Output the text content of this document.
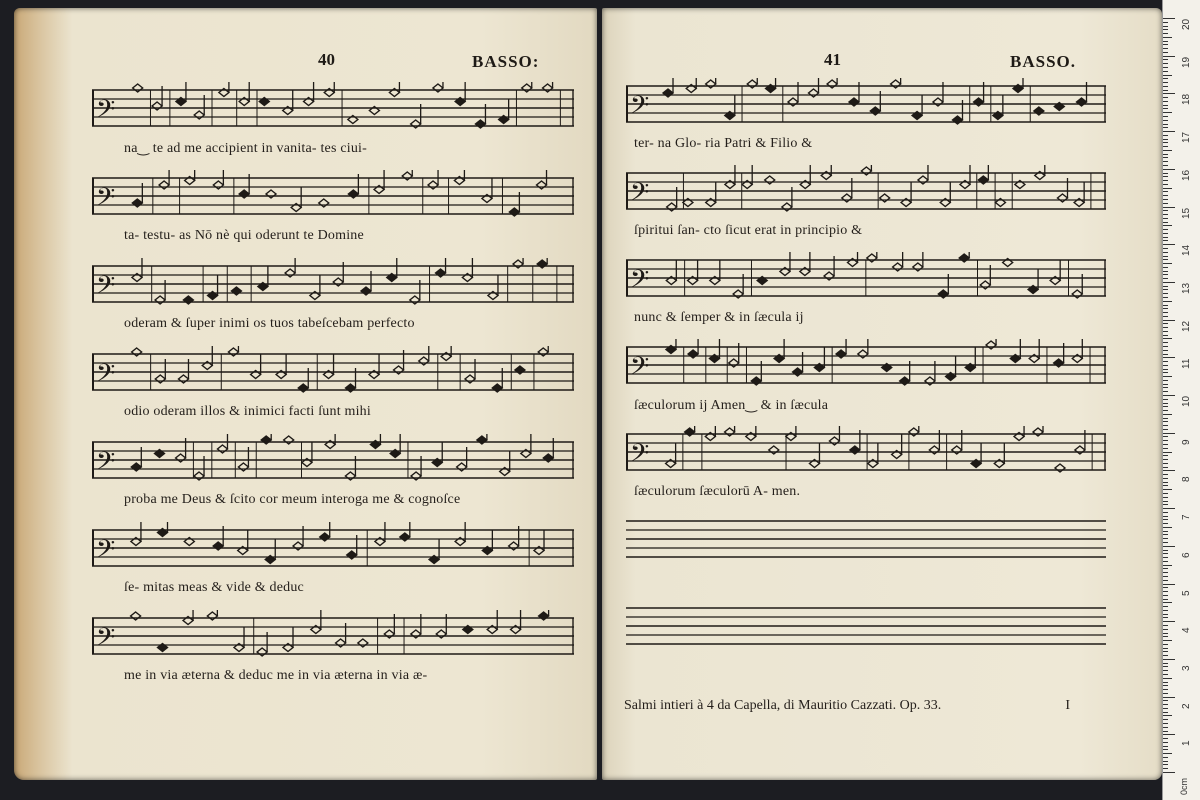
40	BASSO:
𝄢
na‿ te ad me accipient in vanita- tes ciui-
𝄢
ta- testu- as Nō nè qui oderunt te Domine
𝄢
oderam & ſuper inimi os tuos tabeſcebam perfecto
𝄢
odio oderam illos & inimici facti ſunt mihi
𝄢
proba me Deus & ſcito cor meum interoga me & cognoſce
𝄢
ſe- mitas meas & vide & deduc
𝄢
me in via æterna & deduc me in via æterna in via æ-
41	BASSO.
𝄢
ter- na Glo- ria Patri & Filio &
𝄢
ſpiritui ſan- cto ſicut erat in principio &
𝄢
nunc & ſemper & in ſæcula ij
𝄢
ſæculorum ij Amen‿ & in ſæcula
𝄢
ſæculorum ſæculorū A- men.
Salmi intieri à 4 da Capella, di Mauritio Cazzati. Op. 33.	I
20
19
18
17
16
15
14
13
12
11
10
9
8
7
6
5
4
3
2
1
0cm
